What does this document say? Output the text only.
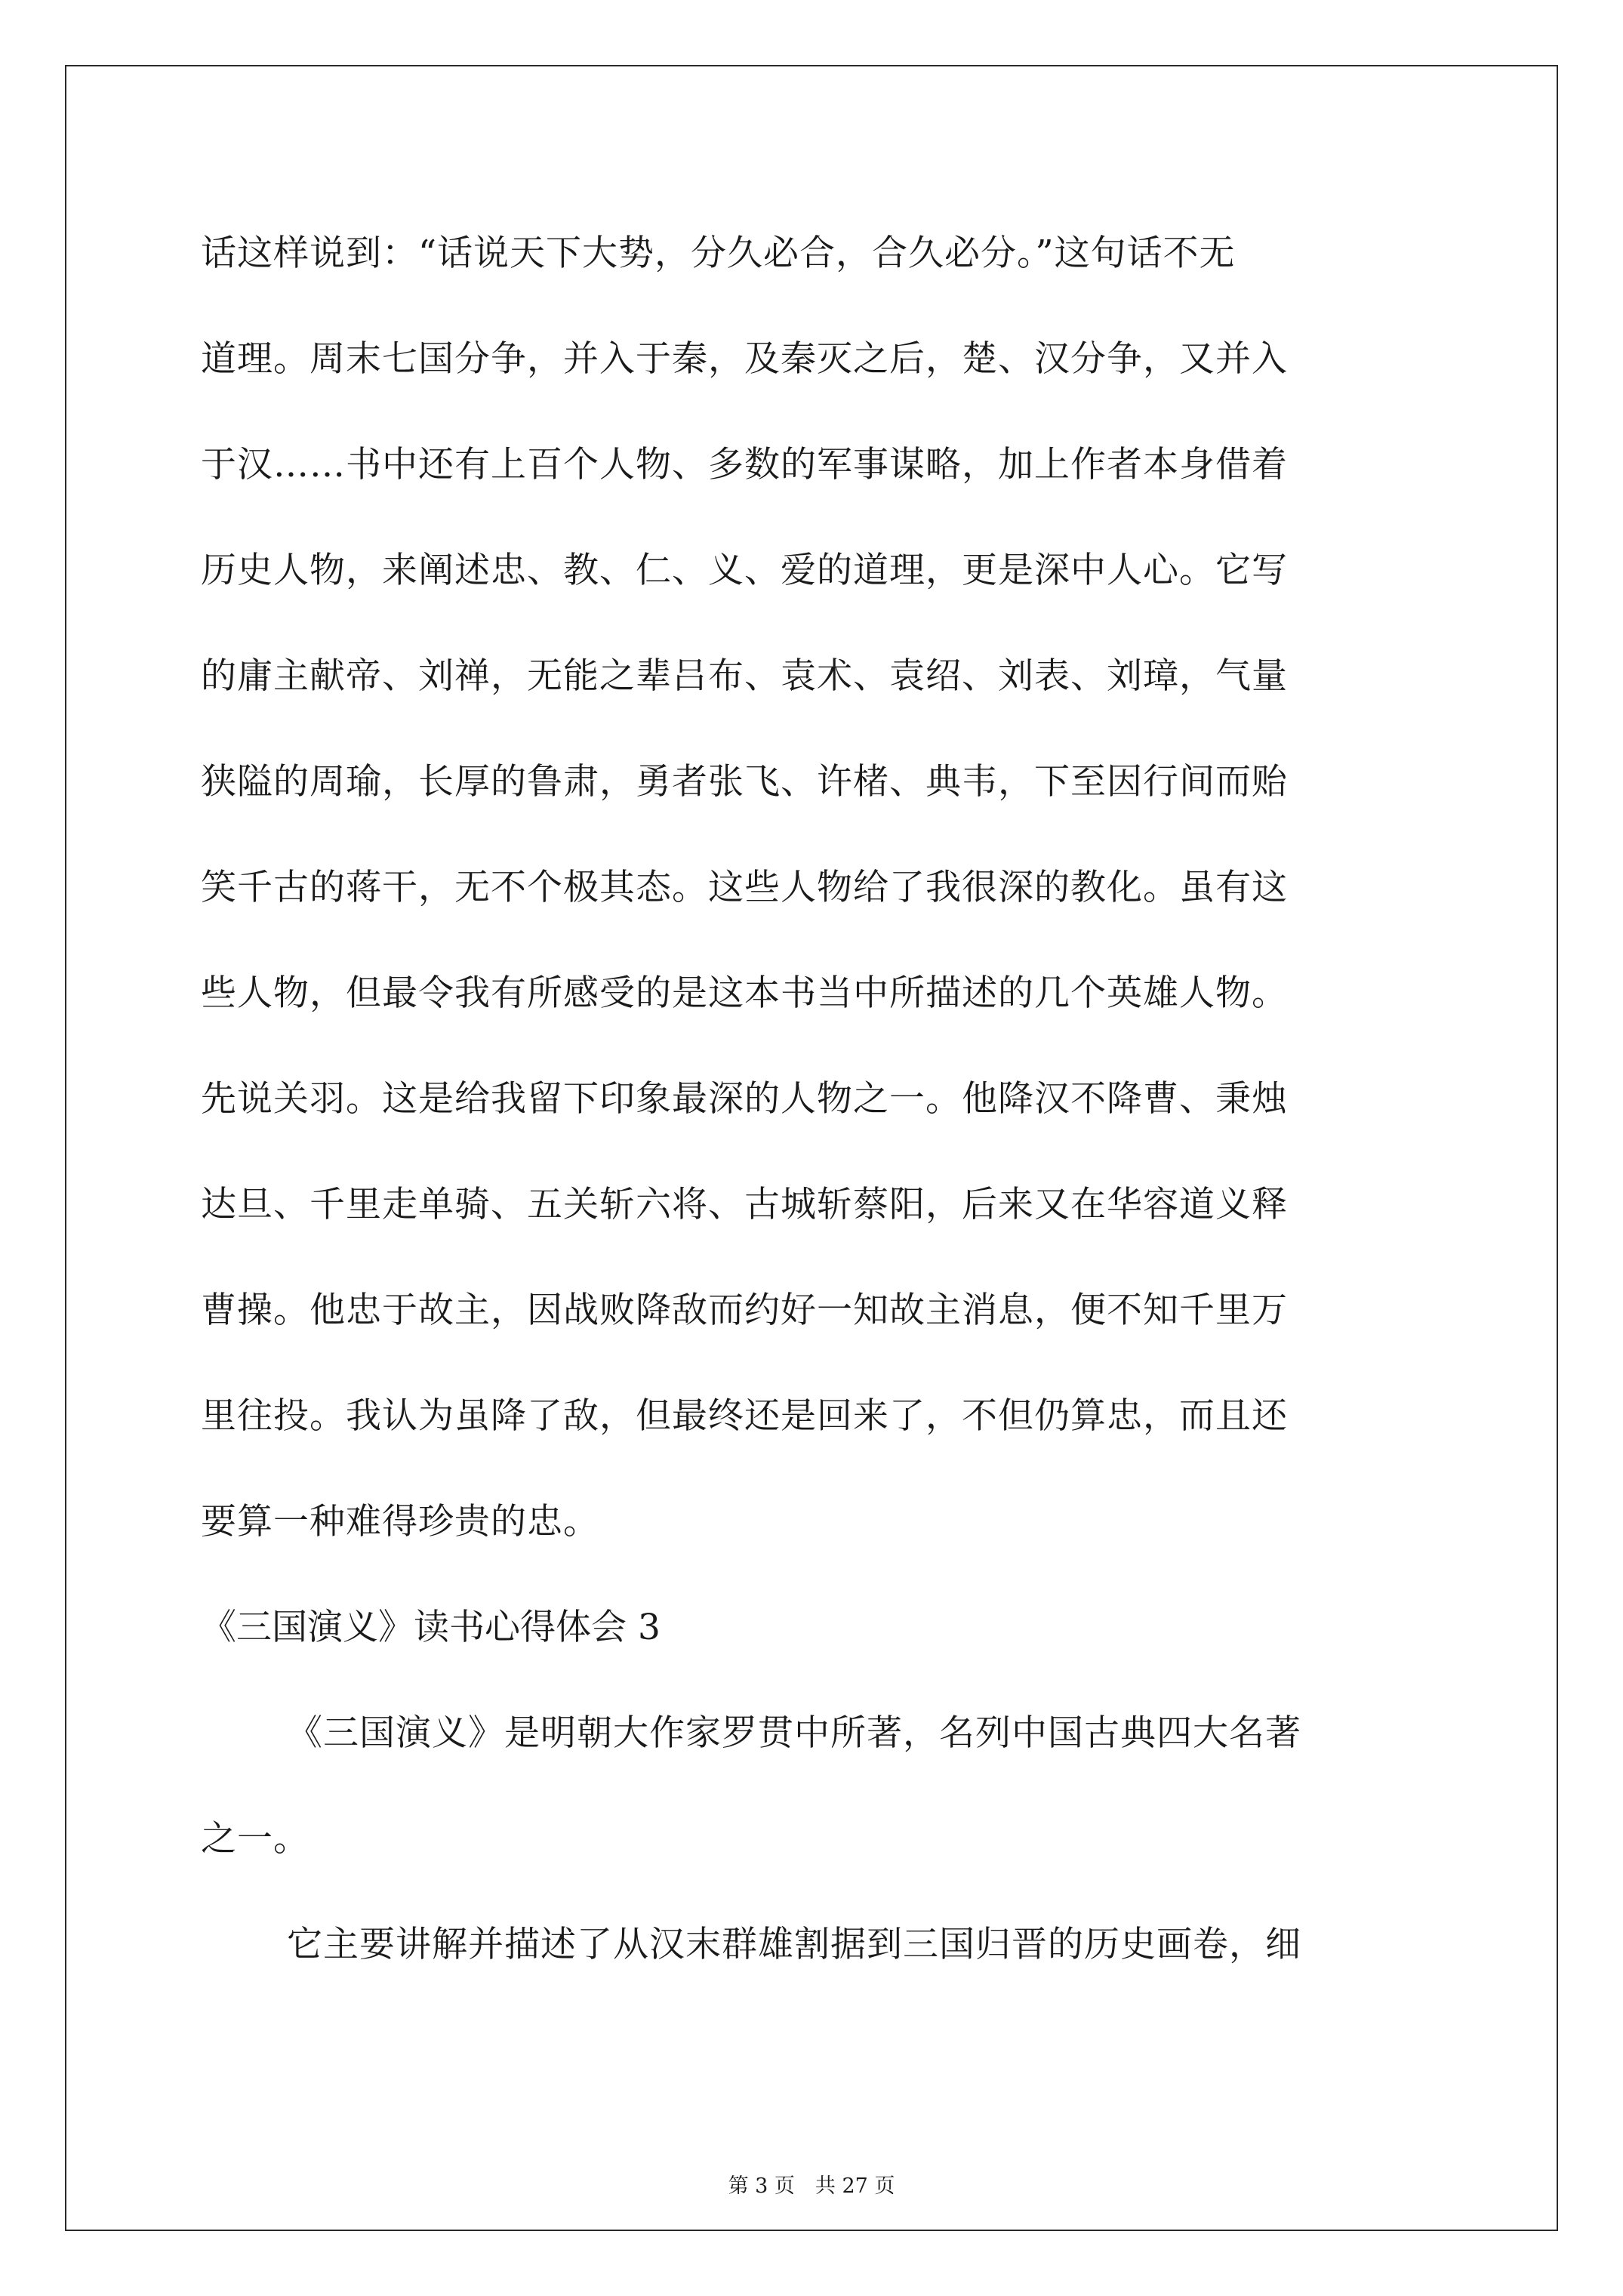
话这样说到：“话说天下大势，分久必合，合久必分。”这句话不无
道理。周末七国分争，并入于秦，及秦灭之后，楚、汉分争，又并入
于汉……书中还有上百个人物、多数的军事谋略，加上作者本身借着
历史人物，来阐述忠、教、仁、义、爱的道理，更是深中人心。它写
的庸主献帝、刘禅，无能之辈吕布、袁术、袁绍、刘表、刘璋，气量
狭隘的周瑜，长厚的鲁肃，勇者张飞、许楮、典韦，下至因行间而贻
笑千古的蒋干，无不个极其态。这些人物给了我很深的教化。虽有这
些人物，但最令我有所感受的是这本书当中所描述的几个英雄人物。
先说关羽。这是给我留下印象最深的人物之一。他降汉不降曹、秉烛
达旦、千里走单骑、五关斩六将、古城斩蔡阳，后来又在华容道义释
曹操。他忠于故主，因战败降敌而约好一知故主消息，便不知千里万
里往投。我认为虽降了敌，但最终还是回来了，不但仍算忠，而且还
要算一种难得珍贵的忠。
《三国演义》读书心得体会 3
《三国演义》是明朝大作家罗贯中所著，名列中国古典四大名著
之一。
它主要讲解并描述了从汉末群雄割据到三国归晋的历史画卷，细
第 3 页　共 27 页
